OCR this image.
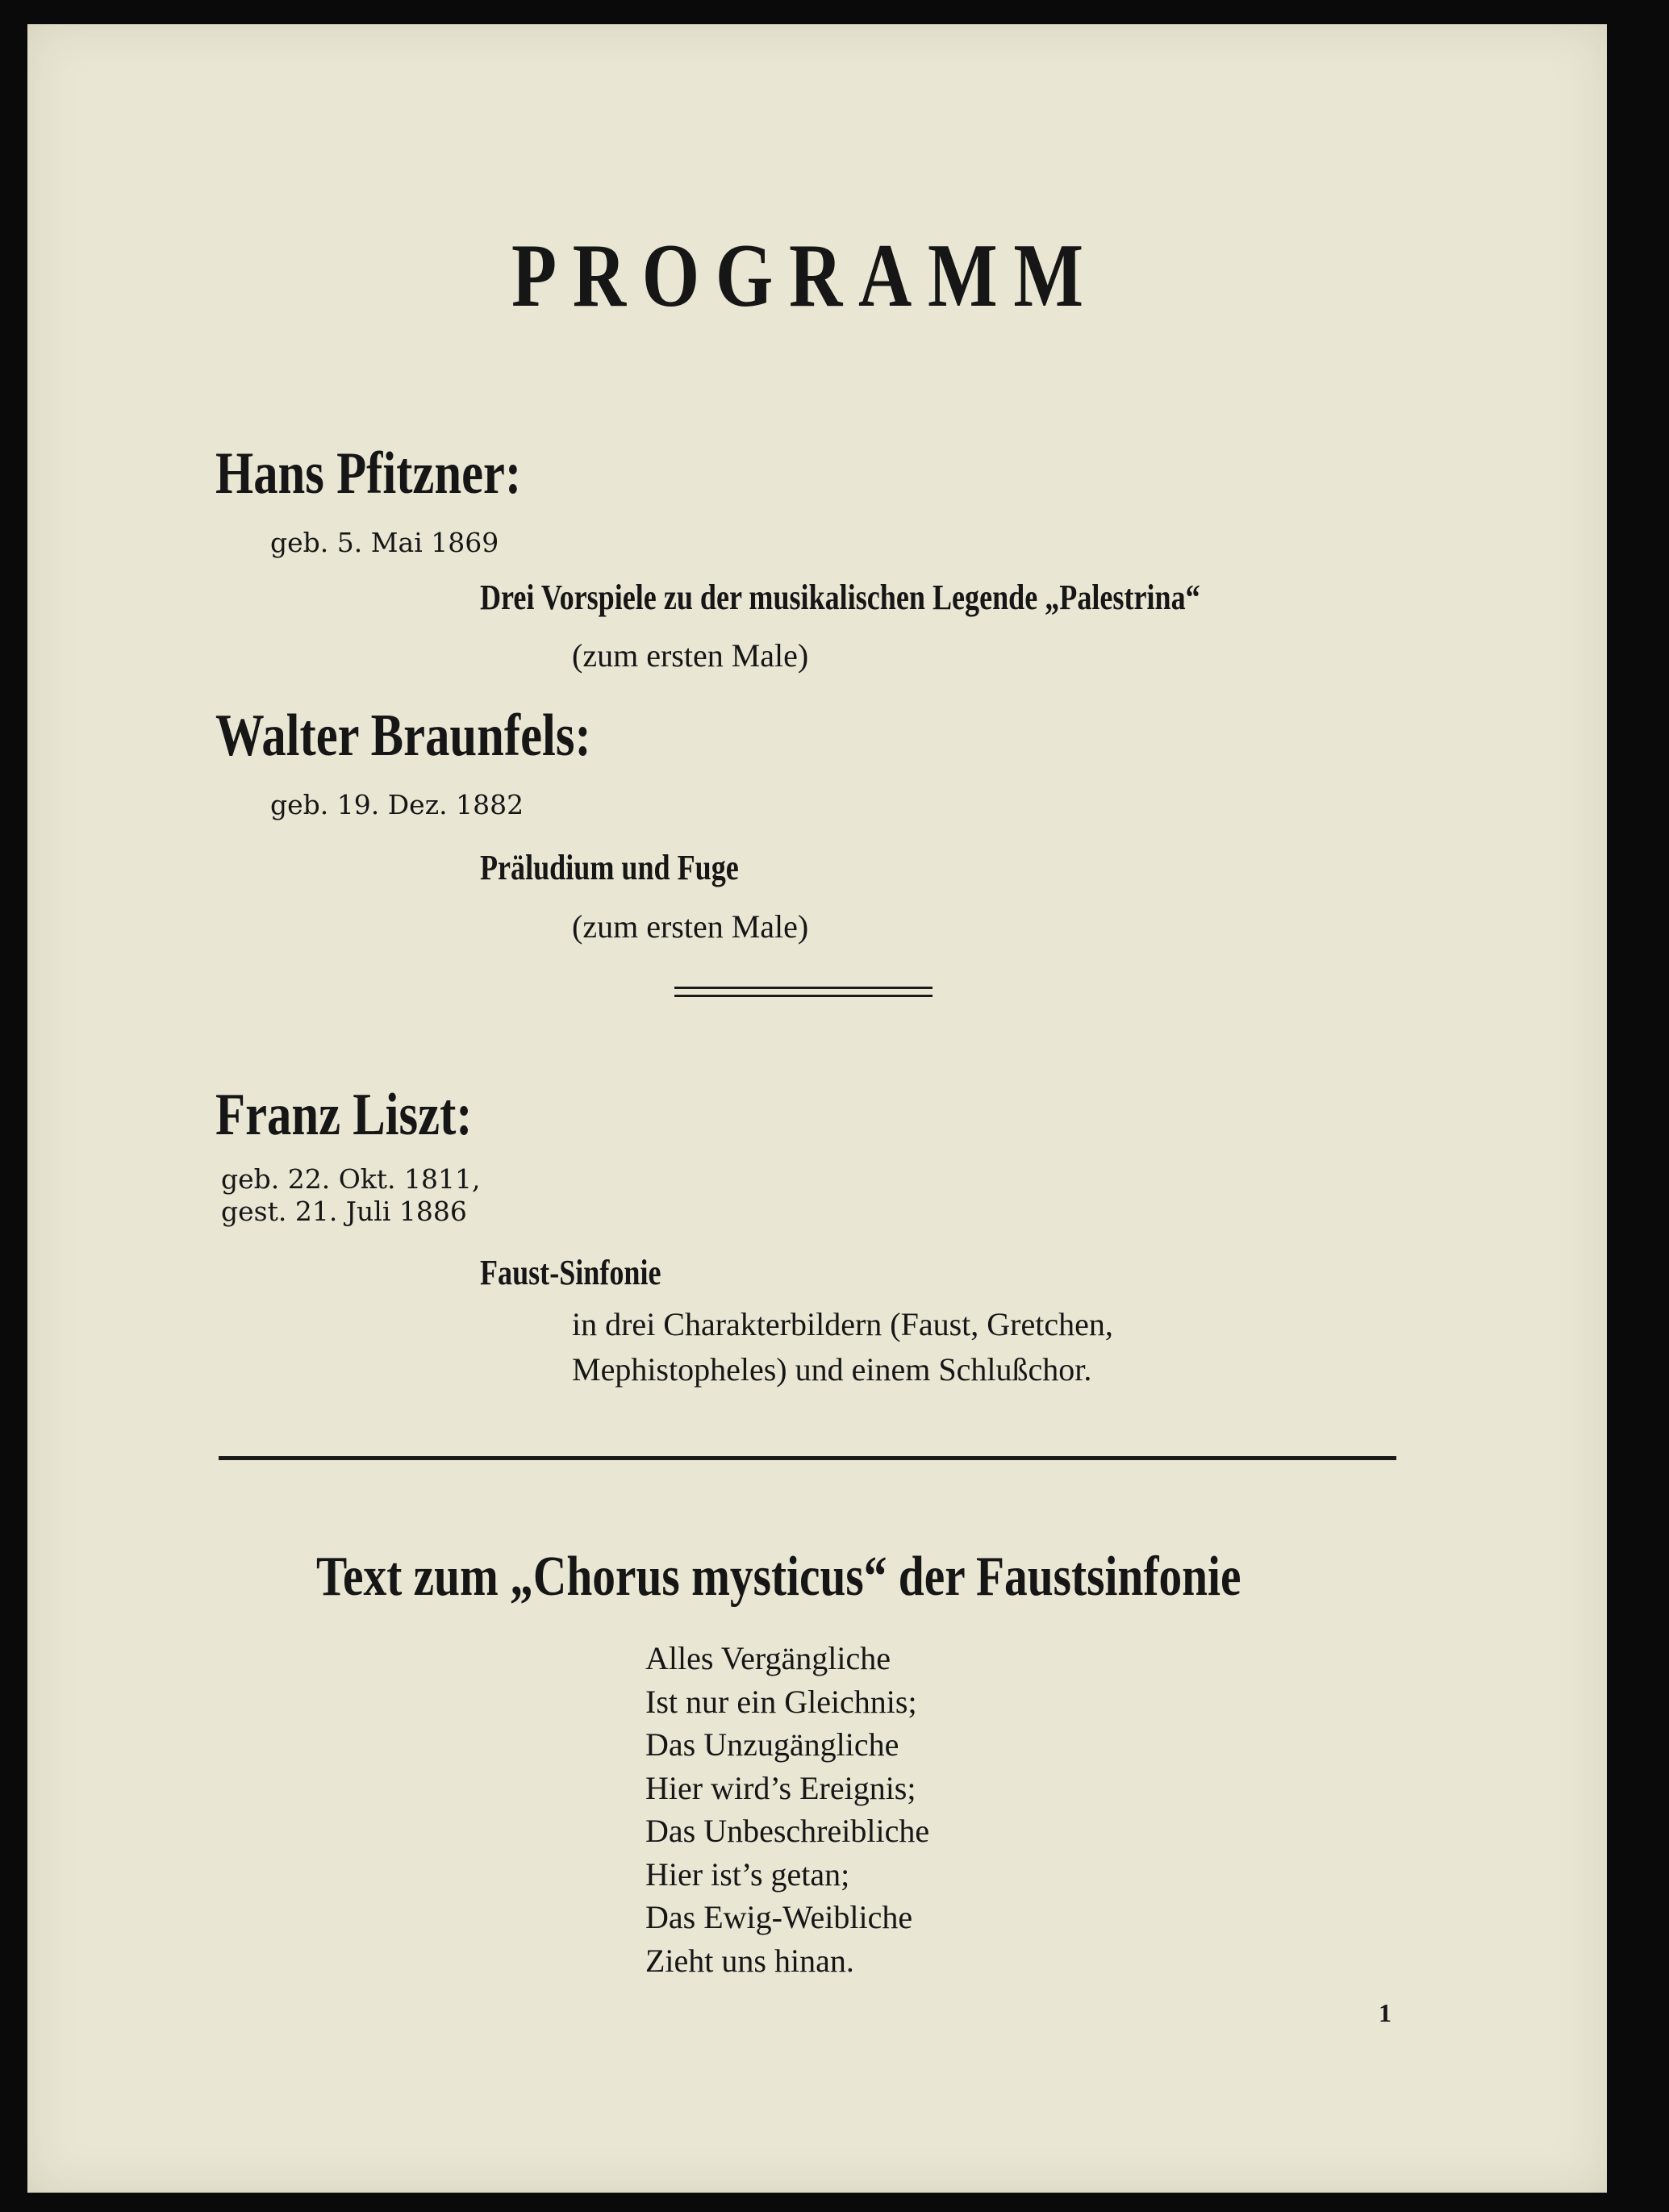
PROGRAMM
Hans Pfitzner:
geb. 5. Mai 1869
Drei Vorspiele zu der musikalischen Legende „Palestrina“
(zum ersten Male)
Walter Braunfels:
geb. 19. Dez. 1882
Präludium und Fuge
(zum ersten Male)
Franz Liszt:
geb. 22. Okt. 1811,
gest. 21. Juli 1886
Faust-Sinfonie
in drei Charakterbildern (Faust, Gretchen,
Mephistopheles) und einem Schlußchor.
Text zum „Chorus mysticus“ der Faustsinfonie
Alles Vergängliche
Ist nur ein Gleichnis;
Das Unzugängliche
Hier wird’s Ereignis;
Das Unbeschreibliche
Hier ist’s getan;
Das Ewig-Weibliche
Zieht uns hinan.
1
